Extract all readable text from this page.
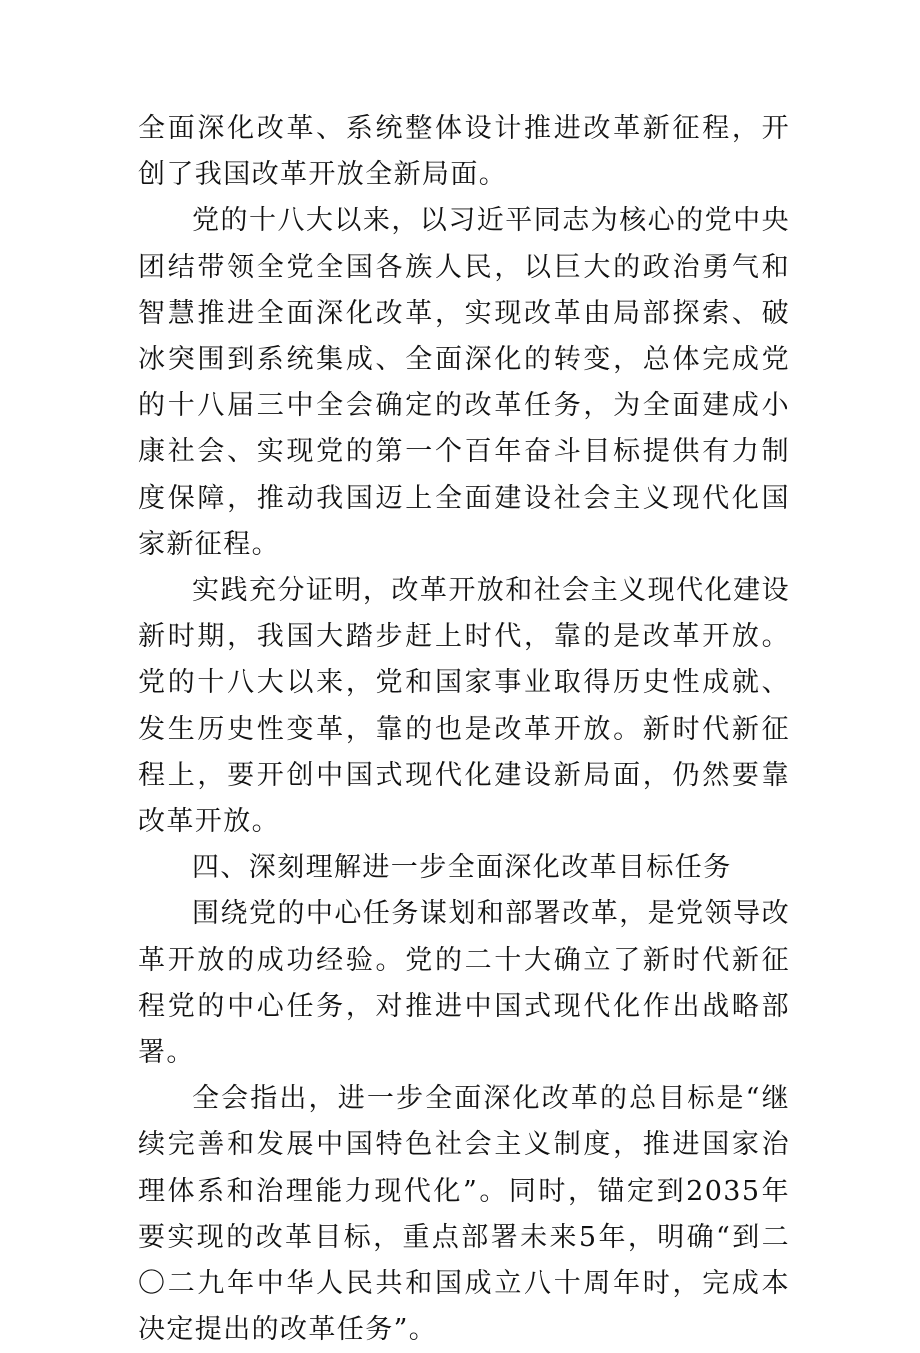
全面深化改革、系统整体设计推进改革新征程，开创了我国改革开放全新局面。

党的十八大以来，以习近平同志为核心的党中央团结带领全党全国各族人民，以巨大的政治勇气和智慧推进全面深化改革，实现改革由局部探索、破冰突围到系统集成、全面深化的转变，总体完成党的十八届三中全会确定的改革任务，为全面建成小康社会、实现党的第一个百年奋斗目标提供有力制度保障，推动我国迈上全面建设社会主义现代化国家新征程。

实践充分证明，改革开放和社会主义现代化建设新时期，我国大踏步赶上时代，靠的是改革开放。党的十八大以来，党和国家事业取得历史性成就、发生历史性变革，靠的也是改革开放。新时代新征程上，要开创中国式现代化建设新局面，仍然要靠改革开放。

四、深刻理解进一步全面深化改革目标任务

围绕党的中心任务谋划和部署改革，是党领导改革开放的成功经验。党的二十大确立了新时代新征程党的中心任务，对推进中国式现代化作出战略部署。

全会指出，进一步全面深化改革的总目标是“继续完善和发展中国特色社会主义制度，推进国家治理体系和治理能力现代化”。同时，锚定到2035年要实现的改革目标，重点部署未来5年，明确“到二〇二九年中华人民共和国成立八十周年时，完成本决定提出的改革任务”。
